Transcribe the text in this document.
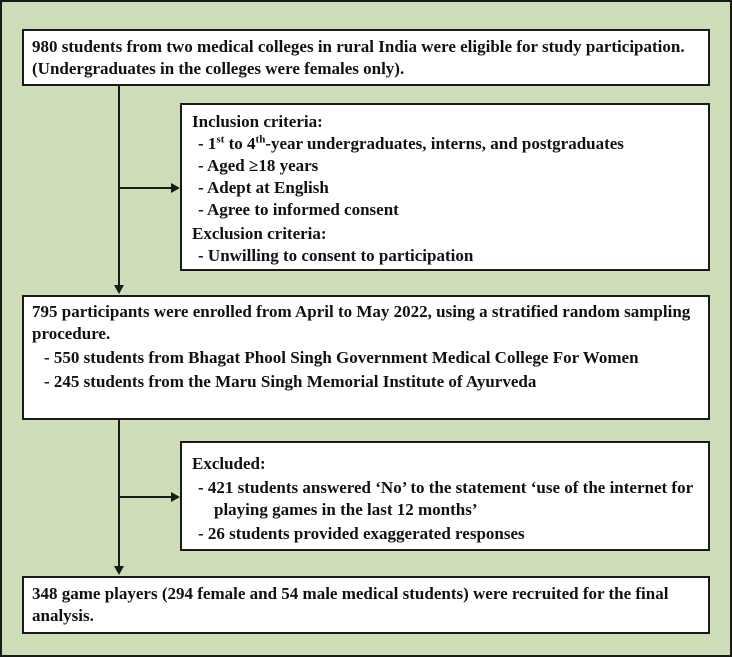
980 students from two medical colleges in rural India were eligible for study participation. (Undergraduates in the colleges were females only).

Inclusion criteria:

- 1st to 4th-year undergraduates, interns, and postgraduates

- Aged ≥18 years

- Adept at English

- Agree to informed consent

Exclusion criteria:

- Unwilling to consent to participation

795 participants were enrolled from April to May 2022, using a stratified random sampling procedure.

- 550 students from Bhagat Phool Singh Government Medical College For Women

- 245 students from the Maru Singh Memorial Institute of Ayurveda

Excluded:

- 421 students answered ‘No’ to the statement ‘use of the internet for playing games in the last 12 months’

- 26 students provided exaggerated responses

348 game players (294 female and 54 male medical students) were recruited for the final analysis.
